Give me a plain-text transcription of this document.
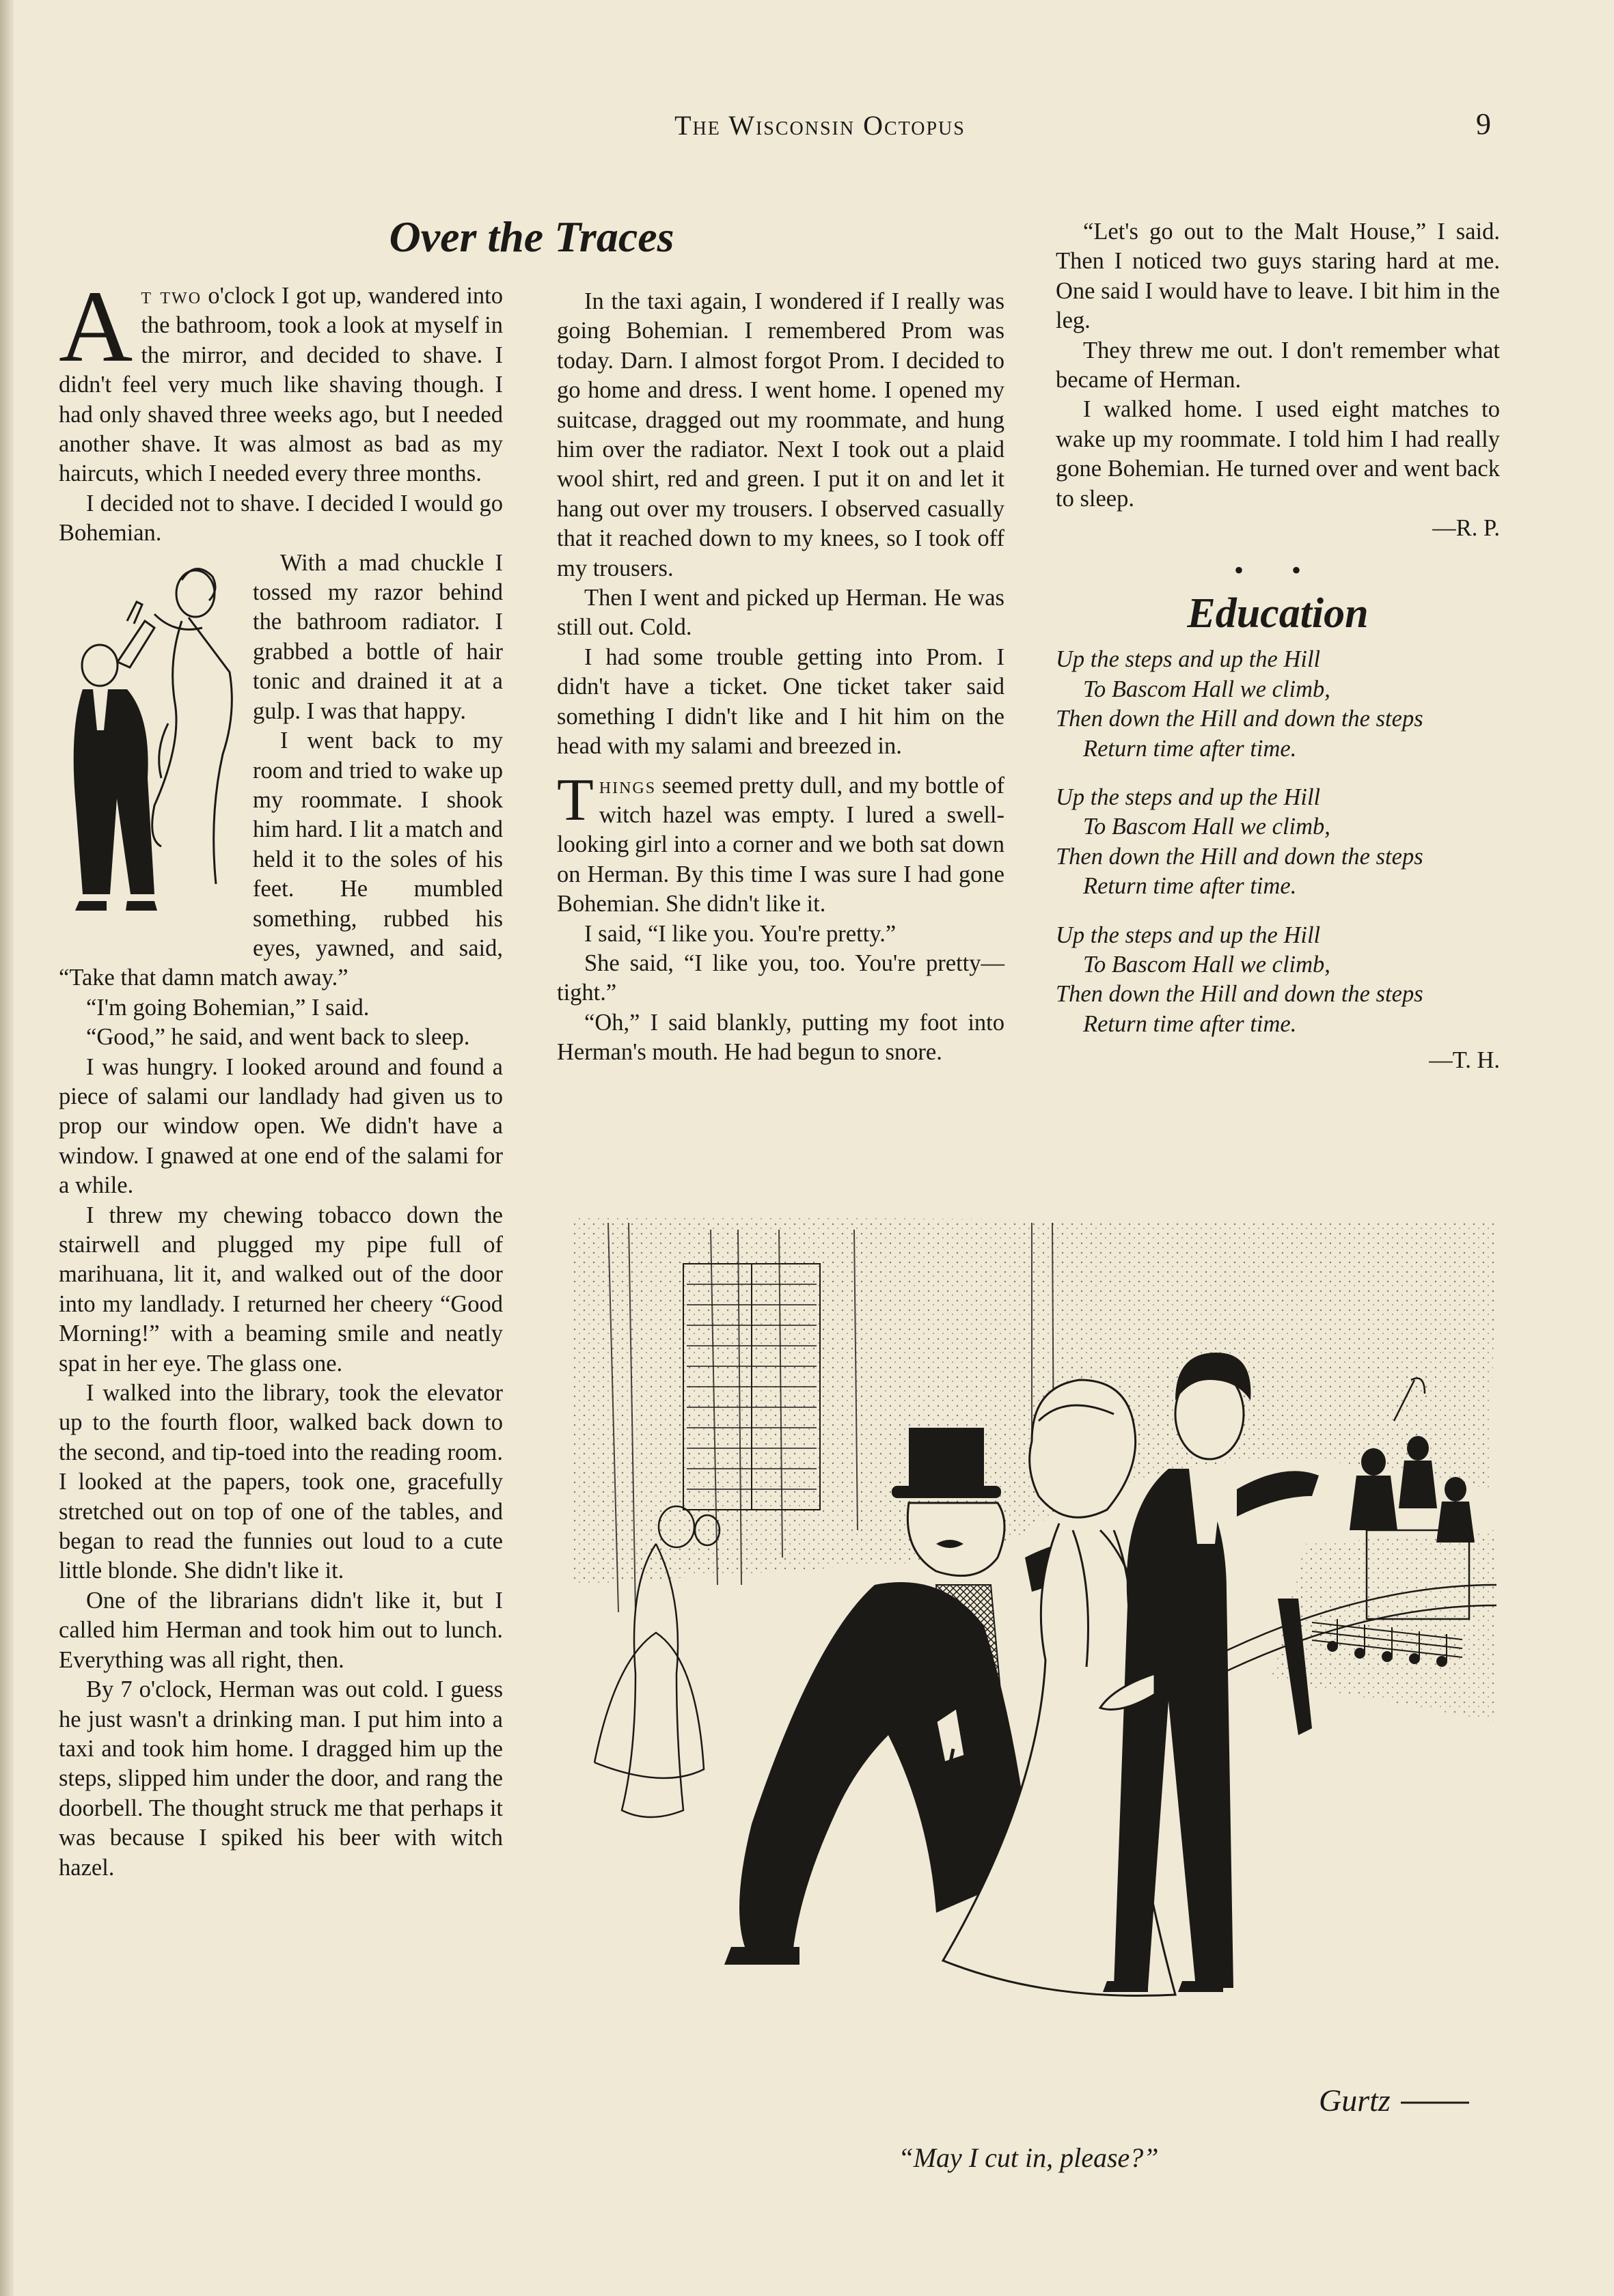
The Wisconsin Octopus	9
Over the Traces

At two o'clock I got up, wandered into the bathroom, took a look at myself in the mirror, and decided to shave. I didn't feel very much like shaving though. I had only shaved three weeks ago, but I needed another shave. It was almost as bad as my haircuts, which I needed every three months.

I decided not to shave. I decided I would go Bohemian.

With a mad chuckle I tossed my razor behind the bathroom radiator. I grabbed a bottle of hair tonic and drained it at a gulp. I was that happy.

I went back to my room and tried to wake up my roommate. I shook him hard. I lit a match and held it to the soles of his feet. He mumbled something, rubbed his eyes, yawned, and said, “Take that damn match away.”

“I'm going Bohemian,” I said.

“Good,” he said, and went back to sleep.

I was hungry. I looked around and found a piece of salami our landlady had given us to prop our window open. We didn't have a window. I gnawed at one end of the salami for a while.

I threw my chewing tobacco down the stairwell and plugged my pipe full of marihuana, lit it, and walked out of the door into my landlady. I returned her cheery “Good Morning!” with a beaming smile and neatly spat in her eye. The glass one.

I walked into the library, took the elevator up to the fourth floor, walked back down to the second, and tip-toed into the reading room. I looked at the papers, took one, gracefully stretched out on top of one of the tables, and began to read the funnies out loud to a cute little blonde. She didn't like it.

One of the librarians didn't like it, but I called him Herman and took him out to lunch. Everything was all right, then.

By 7 o'clock, Herman was out cold. I guess he just wasn't a drinking man. I put him into a taxi and took him home. I dragged him up the steps, slipped him under the door, and rang the doorbell. The thought struck me that perhaps it was because I spiked his beer with witch hazel.

In the taxi again, I wondered if I really was going Bohemian. I remembered Prom was today. Darn. I almost forgot Prom. I decided to go home and dress. I went home. I opened my suitcase, dragged out my roommate, and hung him over the radiator. Next I took out a plaid wool shirt, red and green. I put it on and let it hang out over my trousers. I observed casually that it reached down to my knees, so I took off my trousers.

Then I went and picked up Herman. He was still out. Cold.

I had some trouble getting into Prom. I didn't have a ticket. One ticket taker said something I didn't like and I hit him on the head with my salami and breezed in.

Things seemed pretty dull, and my bottle of witch hazel was empty. I lured a swell-looking girl into a corner and we both sat down on Herman. By this time I was sure I had gone Bohemian. She didn't like it.

I said, “I like you. You're pretty.”

She said, “I like you, too. You're pretty—tight.”

“Oh,” I said blankly, putting my foot into Herman's mouth. He had begun to snore.

“Let's go out to the Malt House,” I said. Then I noticed two guys staring hard at me. One said I would have to leave. I bit him in the leg.

They threw me out. I don't remember what became of Herman.

I walked home. I used eight matches to wake up my roommate. I told him I had really gone Bohemian. He turned over and went back to sleep.

—R. P.

• •
Education
Up the steps and up the Hill
To Bascom Hall we climb,
Then down the Hill and down the steps
Return time after time.
Up the steps and up the Hill
To Bascom Hall we climb,
Then down the Hill and down the steps
Return time after time.
Up the steps and up the Hill
To Bascom Hall we climb,
Then down the Hill and down the steps
Return time after time.

—T. H.

Gurtz
“May I cut in, please?”
